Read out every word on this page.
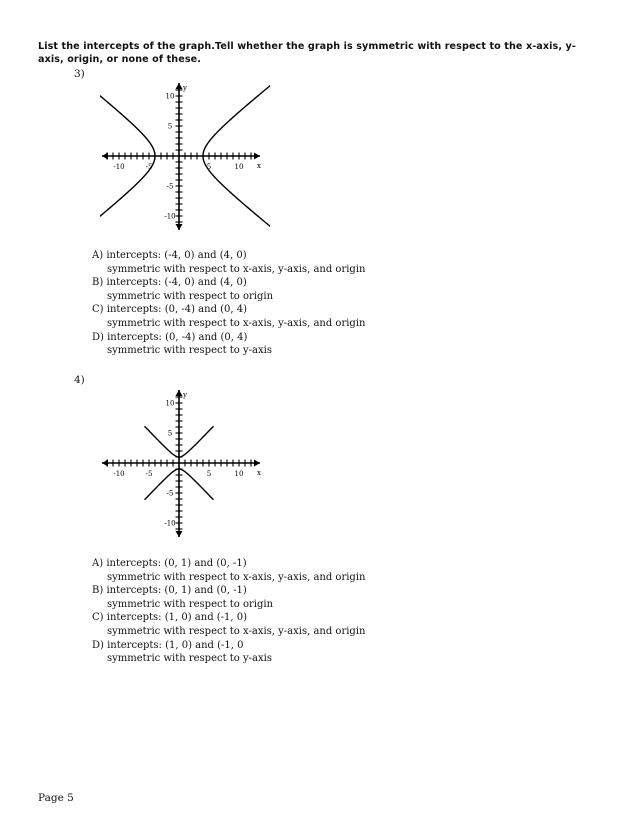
List the intercepts of the graph.Tell whether the graph is symmetric with respect to the x-axis, y-axis, origin, or none of these.
3)
-10	-5	5	10
10
5
-5
-10
x
y
A) intercepts: (-4, 0) and (4, 0)
symmetric with respect to x-axis, y-axis, and origin
B) intercepts: (-4, 0) and (4, 0)
symmetric with respect to origin
C) intercepts: (0, -4) and (0, 4)
symmetric with respect to x-axis, y-axis, and origin
D) intercepts: (0, -4) and (0, 4)
symmetric with respect to y-axis
4)
-10	-5	5	10
10
5
-5
-10
x
y
A) intercepts: (0, 1) and (0, -1)
symmetric with respect to x-axis, y-axis, and origin
B) intercepts: (0, 1) and (0, -1)
symmetric with respect to origin
C) intercepts: (1, 0) and (-1, 0)
symmetric with respect to x-axis, y-axis, and origin
D) intercepts: (1, 0) and (-1, 0
symmetric with respect to y-axis
Page 5
